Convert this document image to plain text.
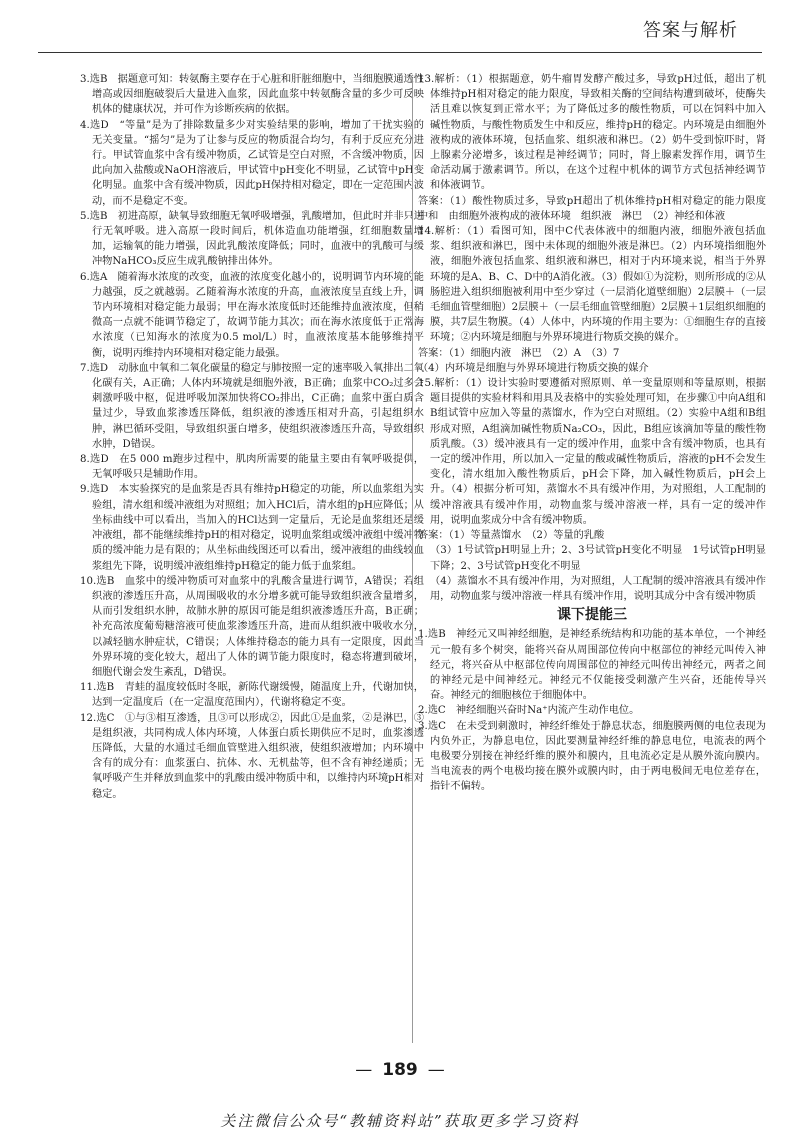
答案与解析
3.选B　据题意可知：转氨酶主要存在于心脏和肝脏细胞中，当细胞膜通透性增高或因细胞破裂后大量进入血浆，因此血浆中转氨酶含量的多少可反映机体的健康状况，并可作为诊断疾病的依据。
4.选D　“等量”是为了排除数量多少对实验结果的影响，增加了干扰实验的无关变量。“摇匀”是为了让参与反应的物质混合均匀，有利于反应充分进行。甲试管血浆中含有缓冲物质，乙试管是空白对照，不含缓冲物质，因此向加入盐酸或NaOH溶液后，甲试管中pH变化不明显，乙试管中pH变化明显。血浆中含有缓冲物质，因此pH保持相对稳定，即在一定范围内波动，而不是稳定不变。
5.选B　初进高原，缺氧导致细胞无氧呼吸增强，乳酸增加，但此时并非只进行无氧呼吸。进入高原一段时间后，机体造血功能增强，红细胞数量增加，运输氧的能力增强，因此乳酸浓度降低；同时，血液中的乳酸可与缓冲物NaHCO₃反应生成乳酸钠排出体外。
6.选A　随着海水浓度的改变，血液的浓度变化越小的，说明调节内环境的能力越强，反之就越弱。乙随着海水浓度的升高，血液浓度呈直线上升，调节内环境相对稳定能力最弱；甲在海水浓度低时还能维持血液浓度，但稍微高一点就不能调节稳定了，故调节能力其次；而在海水浓度低于正常海水浓度（已知海水的浓度为0.5 mol/L）时，血液浓度基本能够维持平衡，说明丙维持内环境相对稳定能力最强。
7.选D　动脉血中氧和二氧化碳量的稳定与肺按照一定的速率吸入氧排出二氧化碳有关，A正确；人体内环境就是细胞外液，B正确；血浆中CO₂过多会刺激呼吸中枢，促进呼吸加深加快将CO₂排出，C正确；血浆中蛋白质含量过少，导致血浆渗透压降低，组织液的渗透压相对升高，引起组织水肿，淋巴循环受阻，导致组织蛋白增多，使组织液渗透压升高，导致组织水肿，D错误。
8.选D　在5 000 m跑步过程中，肌肉所需要的能量主要由有氧呼吸提供，无氧呼吸只是辅助作用。
9.选D　本实验探究的是血浆是否具有维持pH稳定的功能，所以血浆组为实验组，清水组和缓冲液组为对照组；加入HCl后，清水组的pH应降低；从坐标曲线中可以看出，当加入的HCl达到一定量后，无论是血浆组还是缓冲液组，都不能继续维持pH的相对稳定，说明血浆组或缓冲液组中缓冲物质的缓冲能力是有限的；从坐标曲线图还可以看出，缓冲液组的曲线较血浆组先下降，说明缓冲液组维持pH稳定的能力低于血浆组。
10.选B　血浆中的缓冲物质可对血浆中的乳酸含量进行调节，A错误；若组织液的渗透压升高，从周围吸收的水分增多就可能导致组织液含量增多，从而引发组织水肿，故肺水肿的原因可能是组织液渗透压升高，B正确；补充高浓度葡萄糖溶液可使血浆渗透压升高，进而从组织液中吸收水分，以减轻脑水肿症状，C错误；人体维持稳态的能力具有一定限度，因此当外界环境的变化较大，超出了人体的调节能力限度时，稳态将遭到破坏，细胞代谢会发生紊乱，D错误。
11.选B　青蛙的温度较低时冬眠，新陈代谢缓慢，随温度上升，代谢加快，达到一定温度后（在一定温度范围内），代谢将稳定不变。
12.选C　①与③相互渗透，且③可以形成②，因此①是血浆，②是淋巴，③是组织液，共同构成人体内环境，人体蛋白质长期供应不足时，血浆渗透压降低，大量的水通过毛细血管壁进入组织液，使组织液增加；内环境中含有的成分有：血浆蛋白、抗体、水、无机盐等，但不含有神经递质；无氧呼吸产生并释放到血浆中的乳酸由缓冲物质中和，以维持内环境pH相对稳定。
13.解析：（1）根据题意，奶牛瘤胃发酵产酸过多，导致pH过低，超出了机体维持pH相对稳定的能力限度，导致相关酶的空间结构遭到破坏，使酶失活且难以恢复到正常水平；为了降低过多的酸性物质，可以在饲料中加入碱性物质，与酸性物质发生中和反应，维持pH的稳定。内环境是由细胞外液构成的液体环境，包括血浆、组织液和淋巴。（2）奶牛受到惊吓时，肾上腺素分泌增多，该过程是神经调节；同时，肾上腺素发挥作用，调节生命活动属于激素调节。所以，在这个过程中机体的调节方式包括神经调节和体液调节。
答案：（1）酸性物质过多，导致pH超出了机体维持pH相对稳定的能力限度　中和　由细胞外液构成的液体环境　组织液　淋巴　（2）神经和体液
14.解析：（1）看图可知，图中C代表体液中的细胞内液，细胞外液包括血浆、组织液和淋巴，图中未体现的细胞外液是淋巴。（2）内环境指细胞外液，细胞外液包括血浆、组织液和淋巴，相对于内环境来说，相当于外界环境的是A、B、C、D中的A消化液。（3）假如①为淀粉，则所形成的②从肠腔进入组织细胞被利用中至少穿过（一层消化道壁细胞）2层膜＋（一层毛细血管壁细胞）2层膜＋（一层毛细血管壁细胞）2层膜＋1层组织细胞的膜，共7层生物膜。（4）人体中，内环境的作用主要为：①细胞生存的直接环境；②内环境是细胞与外界环境进行物质交换的媒介。
答案：（1）细胞内液　淋巴　（2）A　（3）7
（4）内环境是细胞与外界环境进行物质交换的媒介
15.解析：（1）设计实验时要遵循对照原则、单一变量原则和等量原则，根据题目提供的实验材料和用具及表格中的实验处理可知，在步骤①中向A组和B组试管中应加入等量的蒸馏水，作为空白对照组。（2）实验中A组和B组形成对照，A组滴加碱性物质Na₂CO₃，因此，B组应该滴加等量的酸性物质乳酸。（3）缓冲液具有一定的缓冲作用，血浆中含有缓冲物质，也具有一定的缓冲作用，所以加入一定量的酸或碱性物质后，溶液的pH不会发生变化，清水组加入酸性物质后，pH会下降，加入碱性物质后，pH会上升。（4）根据分析可知，蒸馏水不具有缓冲作用，为对照组，人工配制的缓冲溶液具有缓冲作用，动物血浆与缓冲溶液一样，具有一定的缓冲作用，说明血浆成分中含有缓冲物质。
答案：（1）等量蒸馏水　（2）等量的乳酸
（3）1号试管pH明显上升；2、3号试管pH变化不明显　1号试管pH明显下降；2、3号试管pH变化不明显
（4）蒸馏水不具有缓冲作用，为对照组，人工配制的缓冲溶液具有缓冲作用，动物血浆与缓冲溶液一样具有缓冲作用，说明其成分中含有缓冲物质
课下提能三
1.选B　神经元又叫神经细胞，是神经系统结构和功能的基本单位，一个神经元一般有多个树突，能将兴奋从周围部位传向中枢部位的神经元叫传入神经元，将兴奋从中枢部位传向周围部位的神经元叫传出神经元，两者之间的神经元是中间神经元。神经元不仅能接受刺激产生兴奋，还能传导兴奋。神经元的细胞核位于细胞体中。
2.选C　神经细胞兴奋时Na⁺内流产生动作电位。
3.选C　在未受到刺激时，神经纤维处于静息状态，细胞膜两侧的电位表现为内负外正，为静息电位，因此要测量神经纤维的静息电位，电流表的两个电极要分别接在神经纤维的膜外和膜内，且电流必定是从膜外流向膜内。当电流表的两个电极均接在膜外或膜内时，由于两电极间无电位差存在，指针不偏转。
— 189 —
关注微信公众号“教辅资料站”获取更多学习资料
